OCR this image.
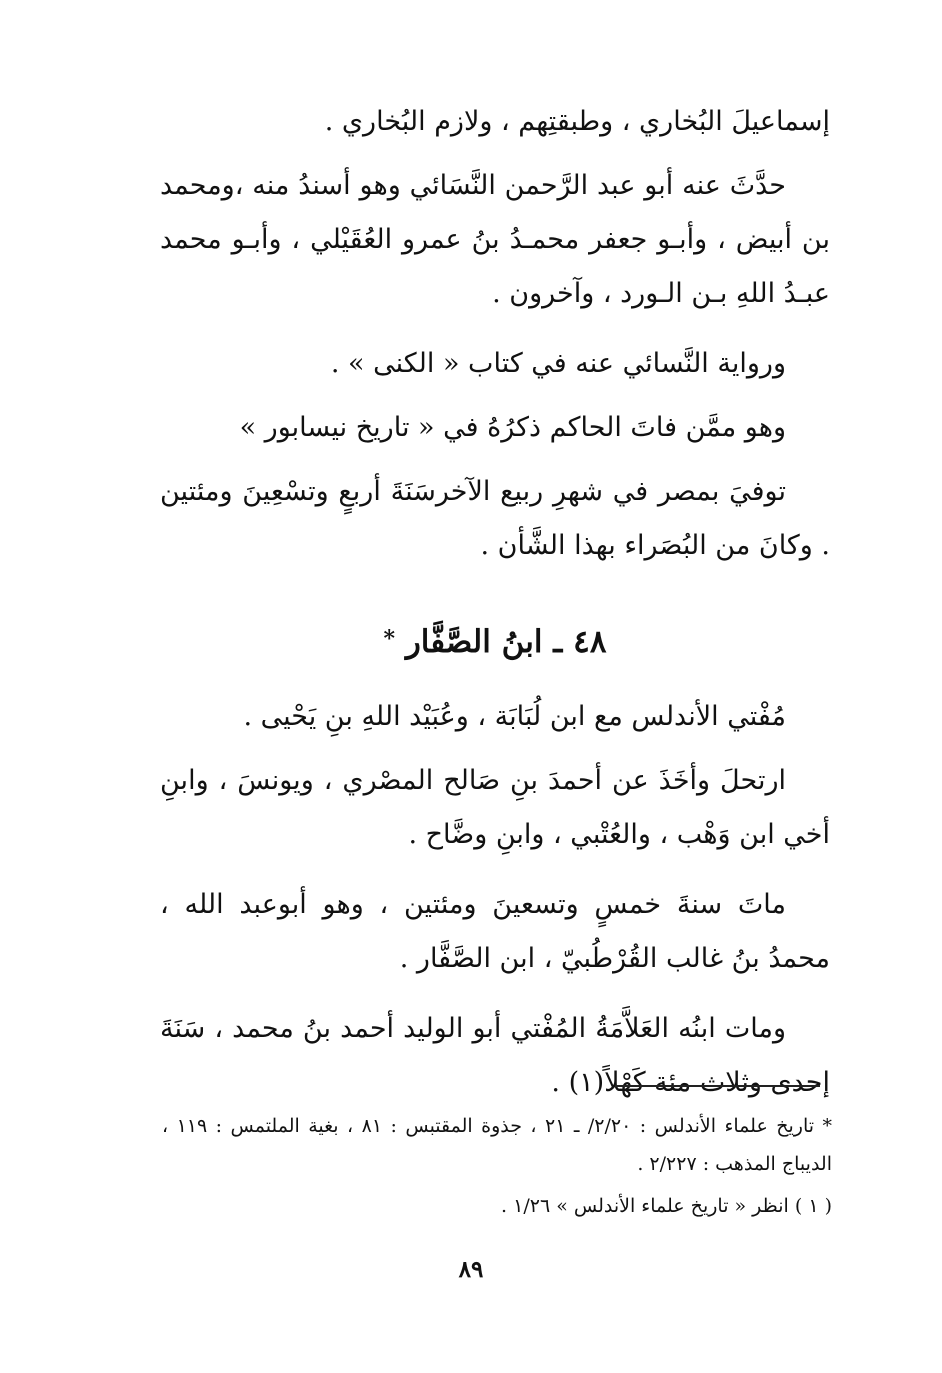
إسماعيلَ البُخاري ، وطبقتِهم ، ولازم البُخاري .

حدَّثَ عنه أبو عبد الرَّحمن النَّسَائي وهو أسندُ منه ،ومحمد بن أبيض ، وأبـو جعفر محمـدُ بنُ عمرو العُقَيْلي ، وأبـو محمد عبـدُ اللهِ بـن الـورد ، وآخرون .

ورواية النَّسائي عنه في كتاب « الكنى » .

وهو ممَّن فاتَ الحاكم ذكرُهُ في « تاريخ نيسابور »

توفيَ بمصر في شهرِ ربيع الآخرسَنَةَ أربعٍ وتسْعِينَ ومئتين . وكانَ من البُصَراء بهذا الشَّأن .

٤٨ ـ ابنُ الصَّفَّار *

مُفْتي الأندلس مع ابن لُبَابَة ، وعُبَيْد اللهِ بنِ يَحْيى .

ارتحلَ وأخَذَ عن أحمدَ بنِ صَالح المصْري ، ويونسَ ، وابنِ أخي ابن وَهْب ، والعُتْبي ، وابنِ وضَّاح .

ماتَ سنةَ خمسٍ وتسعينَ ومئتين ، وهو أبوعبد الله ، محمدُ بنُ غالب القُرْطُبيّ ، ابن الصَّفَّار .

ومات ابنُه العَلاَّمَةُ المُفْتي أبو الوليد أحمد بنُ محمد ، سَنَةَ إحدى وثلاث مئة كَهْلاً(١) .

* تاريخ علماء الأندلس : ٢/٢٠/ ـ ٢١ ، جذوة المقتبس : ٨١ ، بغية الملتمس : ١١٩ ، الديباج المذهب : ٢/٢٢٧ .

( ١ ) انظر « تاريخ علماء الأندلس » ١/٢٦ .

٨٩
